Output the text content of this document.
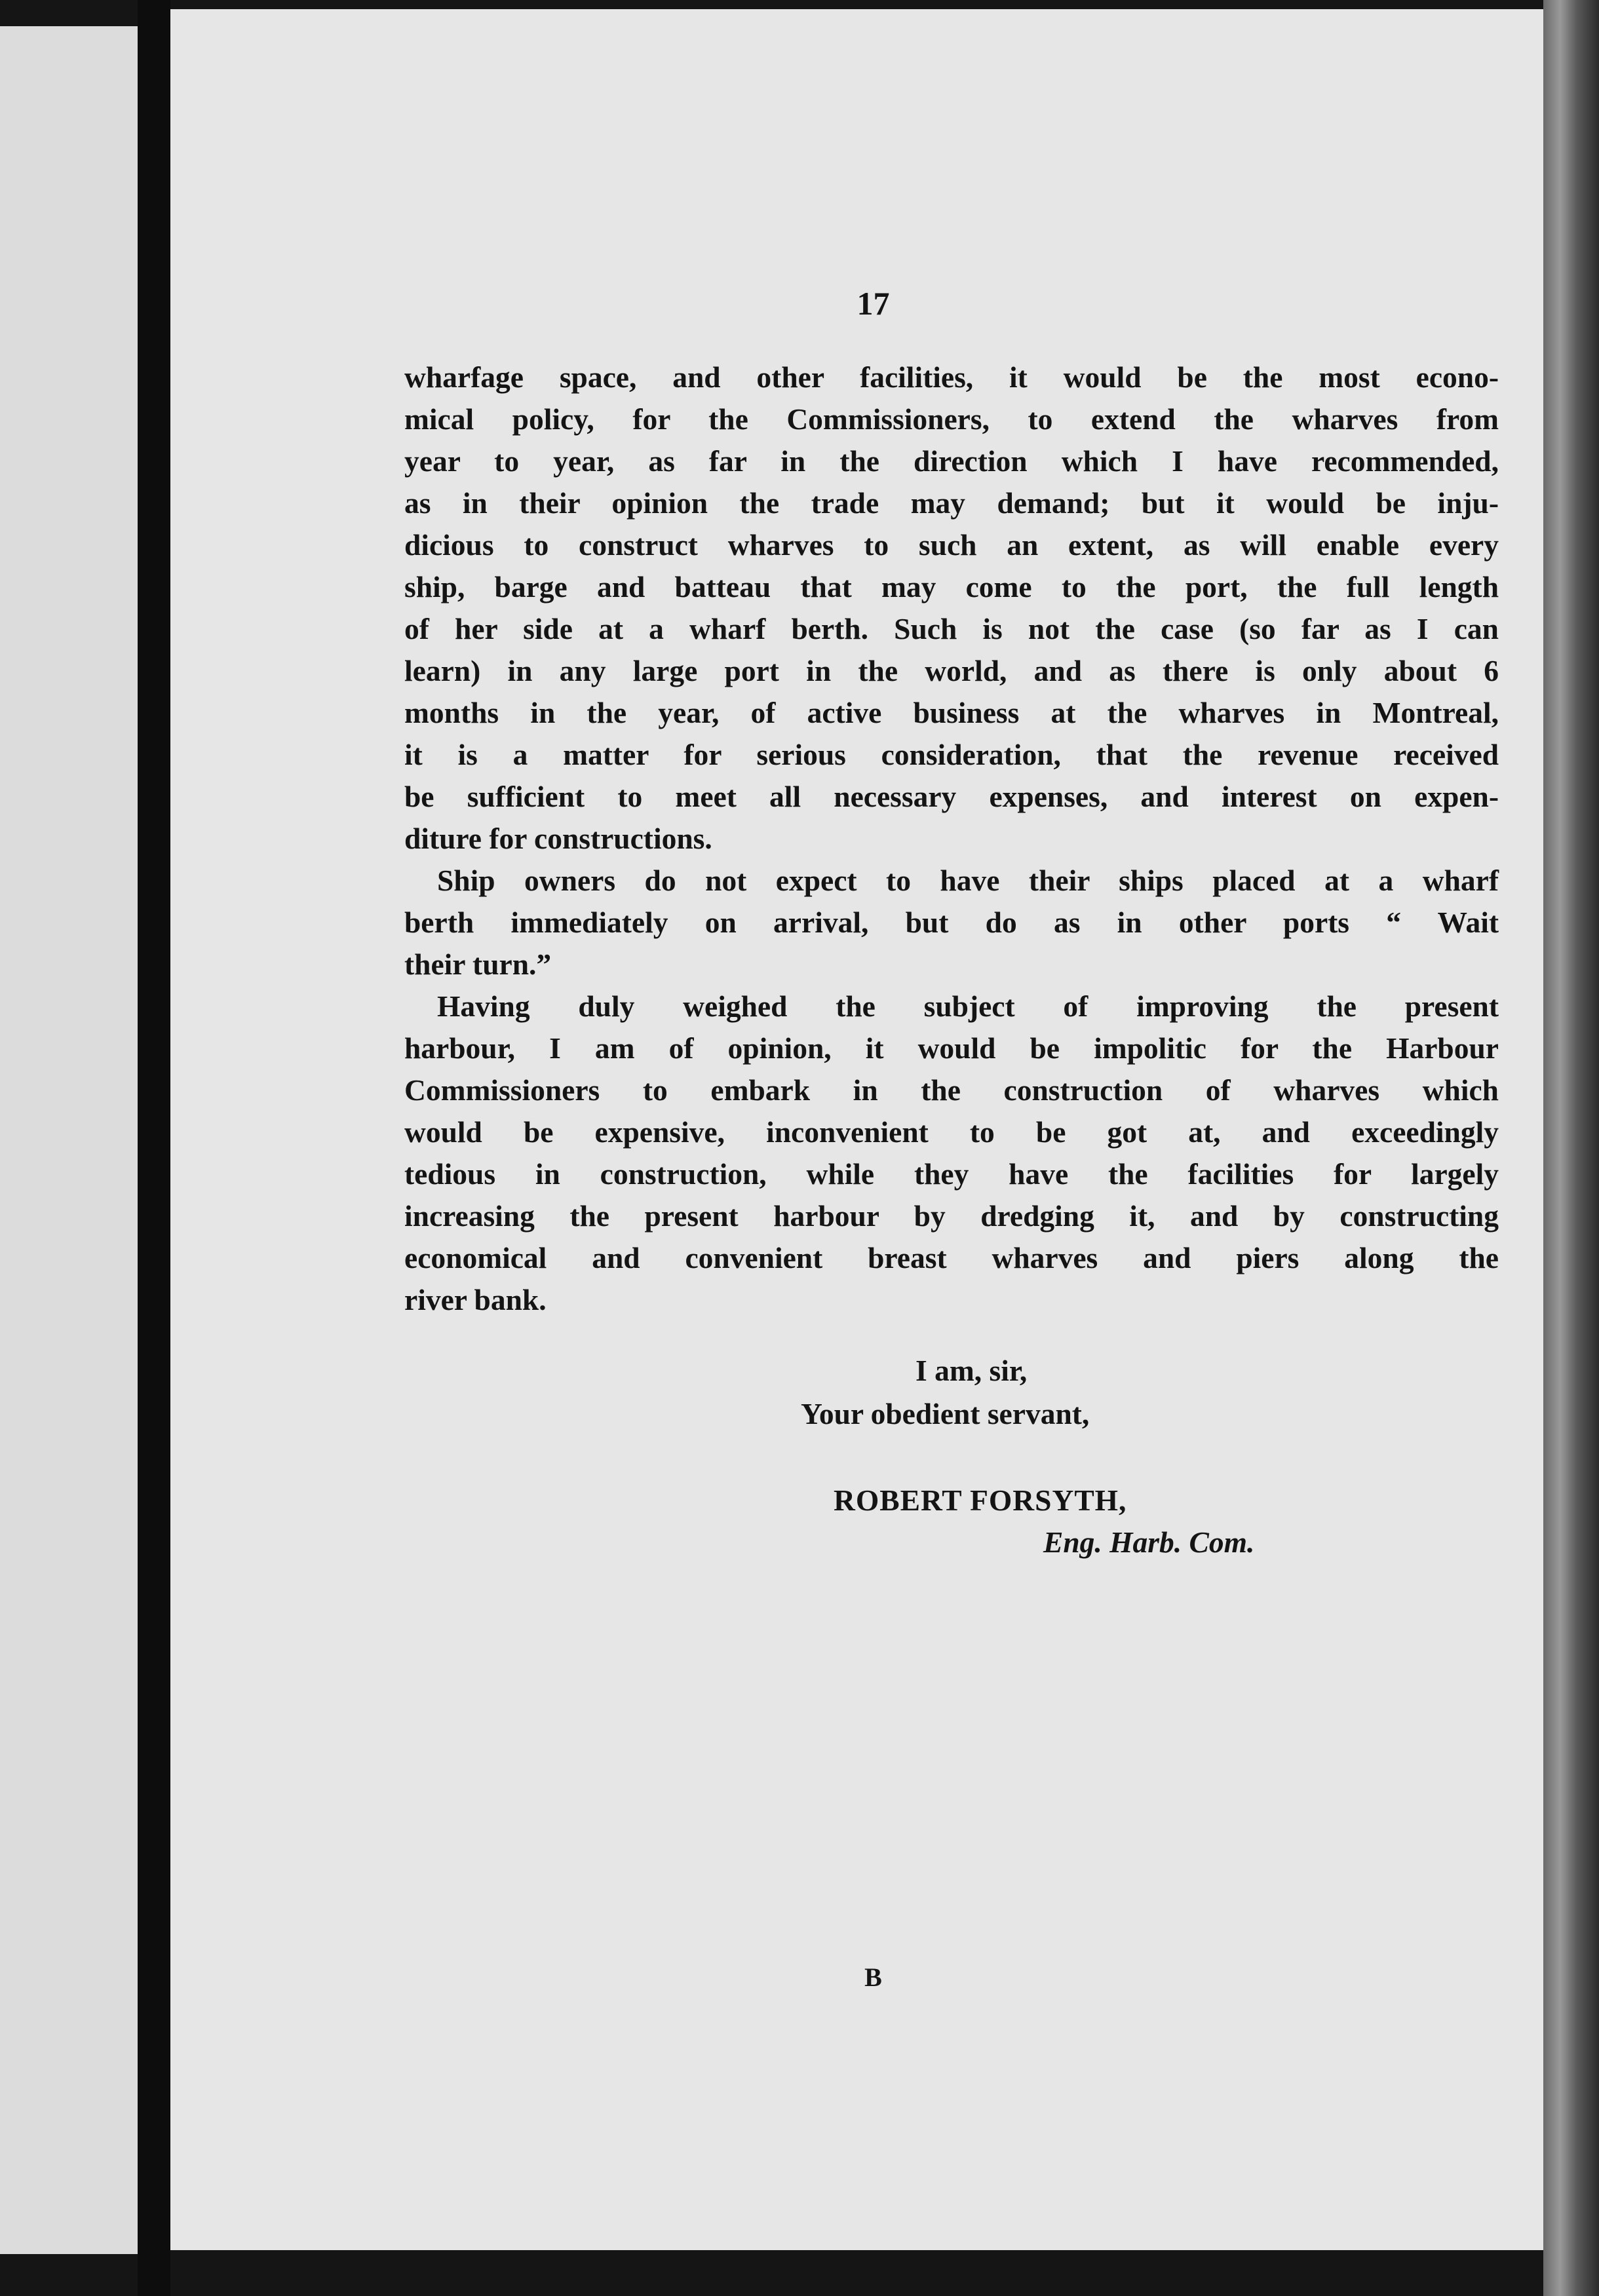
17

wharfage space, and other facilities, it would be the most econo-

mical policy, for the Commissioners, to extend the wharves from

year to year, as far in the direction which I have recommended,

as in their opinion the trade may demand; but it would be inju-

dicious to construct wharves to such an extent, as will enable every

ship, barge and batteau that may come to the port, the full length

of her side at a wharf berth. Such is not the case (so far as I can

learn) in any large port in the world, and as there is only about 6

months in the year, of active business at the wharves in Montreal,

it is a matter for serious consideration, that the revenue received

be sufficient to meet all necessary expenses, and interest on expen-

diture for constructions.

Ship owners do not expect to have their ships placed at a wharf

berth immediately on arrival, but do as in other ports “ Wait

their turn.”

Having duly weighed the subject of improving the present

harbour, I am of opinion, it would be impolitic for the Harbour

Commissioners to embark in the construction of wharves which

would be expensive, inconvenient to be got at, and exceedingly

tedious in construction, while they have the facilities for largely

increasing the present harbour by dredging it, and by constructing

economical and convenient breast wharves and piers along the

river bank.

I am, sir,
Your obedient servant,
ROBERT FORSYTH,
Eng. Harb. Com.
B
